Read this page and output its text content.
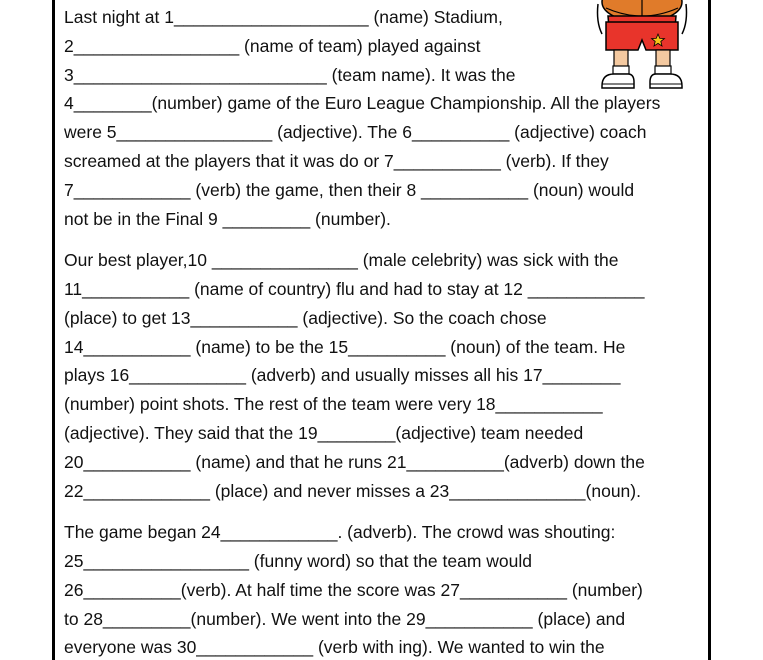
Last night at 1____________________ (name) Stadium,
2_________________ (name of team) played against
3__________________________ (team name). It was the
4________(number) game of the Euro League Championship. All the players
were 5________________ (adjective). The 6__________ (adjective) coach
screamed at the players that it was do or 7___________ (verb). If they
7____________ (verb) the game, then their 8 ___________ (noun) would
not be in the Final 9 _________ (number).
Our best player,10 _______________ (male celebrity) was sick with the
11___________ (name of country) flu and had to stay at 12 ____________
(place) to get 13___________ (adjective). So the coach chose
14___________ (name) to be the 15__________ (noun) of the team. He
plays 16____________ (adverb) and usually misses all his 17________
(number) point shots. The rest of the team were very 18___________
(adjective). They said that the 19________(adjective) team needed
20___________ (name) and that he runs 21__________(adverb) down the
22_____________ (place) and never misses a 23______________(noun).
The game began 24____________. (adverb). The crowd was shouting:
25_________________ (funny word) so that the team would
26__________(verb). At half time the score was 27___________ (number)
to 28_________(number). We went into the 29___________ (place) and
everyone was 30____________ (verb with ing). We wanted to win the
